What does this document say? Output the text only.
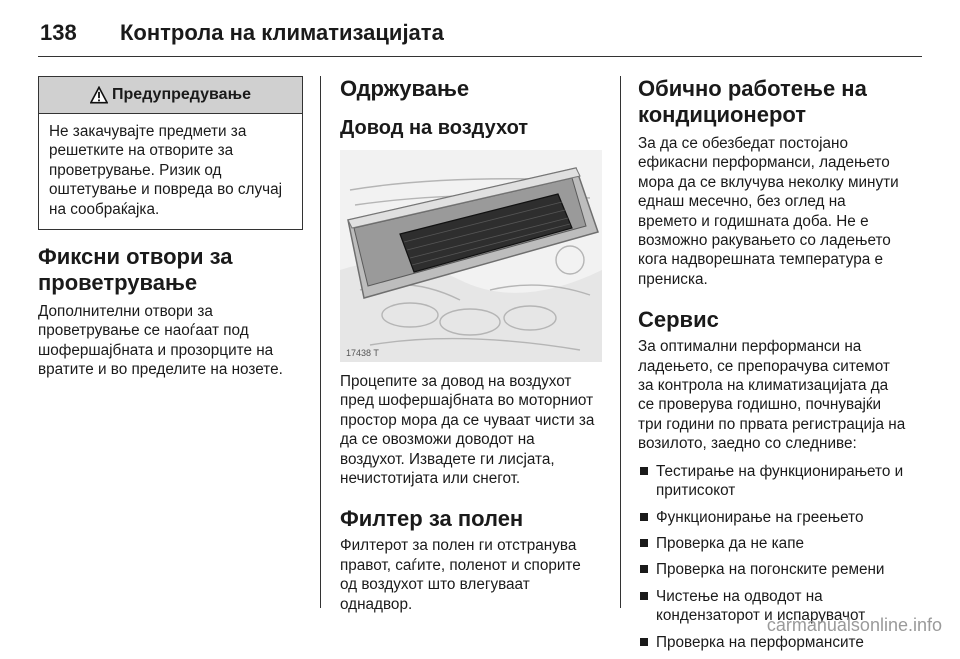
138 Контрола на климатизацијата
Предупредување
Не закачувајте предмети за решетките на отворите за проветрување. Ризик од оштетување и повреда во случај на сообраќајка.
Фиксни отвори за
проветрување

Дополнителни отвори за проветрување се наоѓаат под шофершајбната и прозорците на вратите и во пределите на нозете.

Одржување
Довод на воздухот
17438 T

Процепите за довод на воздухот пред шофершајбната во моторниот простор мора да се чуваат чисти за да се овозможи доводот на воздухот. Извадете ги лисјата, нечистотијата или снегот.

Филтер за полен

Филтерот за полен ги отстранува правот, саѓите, поленот и спорите од воздухот што влегуваат однадвор.

Обично работење на
кондиционерот

За да се обезбедат постојано ефикасни перформанси, ладењето мора да се вклучува неколку минути еднаш месечно, без оглед на времето и годишната доба. Не е возможно ракувањето со ладењето кога надворешната температура е прениска.

Сервис

За оптимални перформанси на ладењето, се препорачува ситемот за контрола на климатизацијата да се проверува годишно, почнувајќи три години по првата регистрација на возилото, заедно со следниве:

Тестирање на функционирањето и притисокот
Функционирање на греењето
Проверка да не капе
Проверка на погонските ремени
Чистење на одводот на кондензаторот и испарувачот
Проверка на перформансите
carmanualsonline.info
